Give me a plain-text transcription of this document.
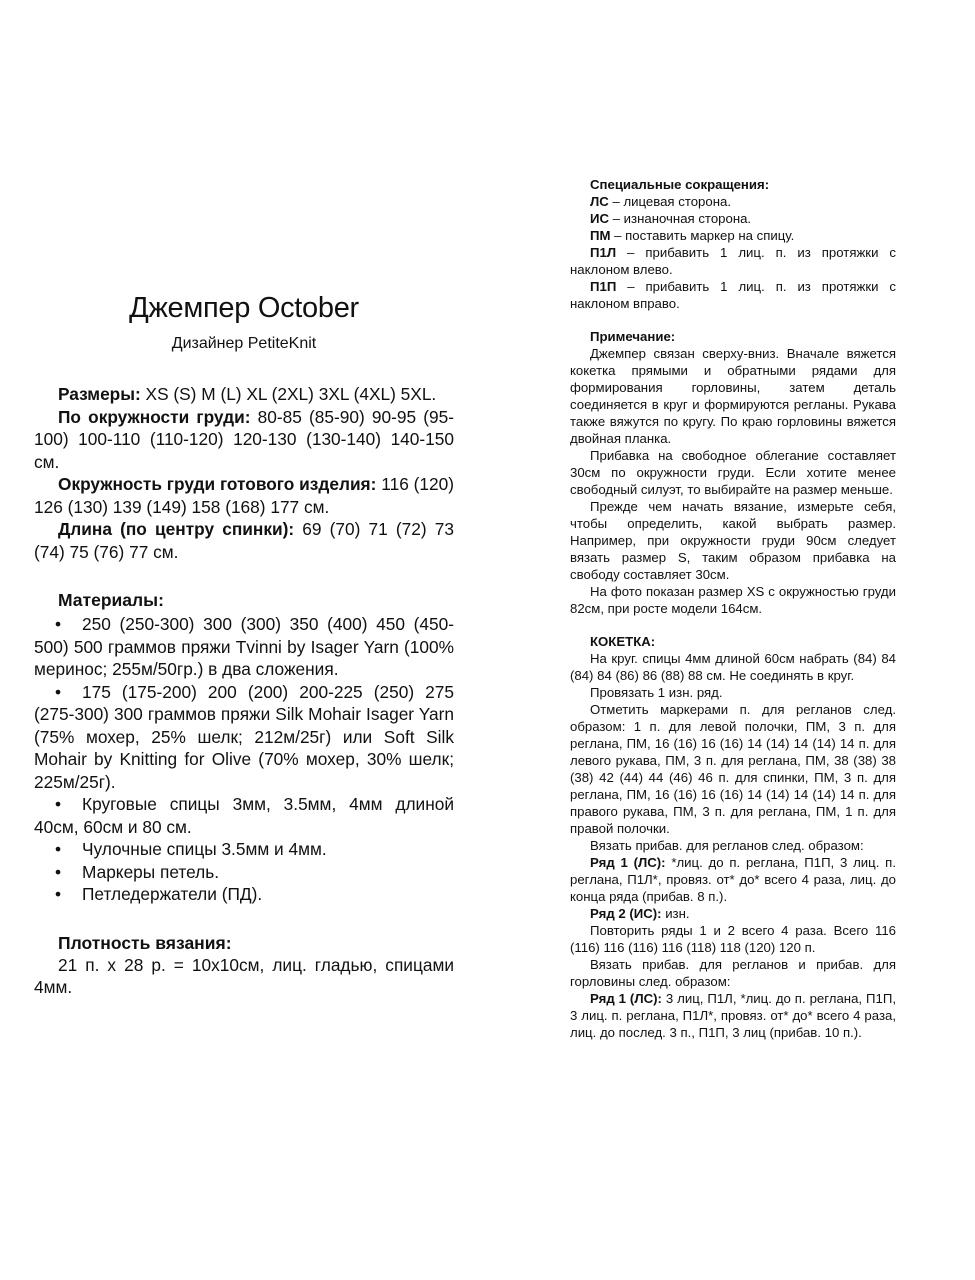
Джемпер October
Дизайнер PetiteKnit

Размеры: XS (S) M (L) XL (2XL) 3XL (4XL) 5XL.

По окружности груди: 80-85 (85-90) 90-95 (95-100) 100-110 (110-120) 120-130 (130-140) 140-150 см.

Окружность груди готового изделия: 116 (120) 126 (130) 139 (149) 158 (168) 177 см.

Длина (по центру спинки): 69 (70) 71 (72) 73 (74) 75 (76) 77 см.

Материалы:

• 250 (250-300) 300 (300) 350 (400) 450 (450-500) 500 граммов пряжи Tvinni by Isager Yarn (100% меринос; 255м/50гр.) в два сложения.
• 175 (175-200) 200 (200) 200-225 (250) 275 (275-300) 300 граммов пряжи Silk Mohair Isager Yarn (75% мохер, 25% шелк; 212м/25г) или Soft Silk Mohair by Knitting for Olive (70% мохер, 30% шелк; 225м/25г).
• Круговые спицы 3мм, 3.5мм, 4мм длиной 40см, 60см и 80 см.
• Чулочные спицы 3.5мм и 4мм.
• Маркеры петель.
• Петледержатели (ПД).

Плотность вязания:

21 п. х 28 р. = 10х10см, лиц. гладью, спицами 4мм.

Специальные сокращения:

ЛС – лицевая сторона.

ИС – изнаночная сторона.

ПМ – поставить маркер на спицу.

П1Л – прибавить 1 лиц. п. из протяжки с наклоном влево.

П1П – прибавить 1 лиц. п. из протяжки с наклоном вправо.

Примечание:

Джемпер связан сверху-вниз. Вначале вяжется кокетка прямыми и обратными рядами для формирования горловины, затем деталь соединяется в круг и формируются регланы. Рукава также вяжутся по кругу. По краю горловины вяжется двойная планка.

Прибавка на свободное облегание составляет 30см по окружности груди. Если хотите менее свободный силуэт, то выбирайте на размер меньше.

Прежде чем начать вязание, измерьте себя, чтобы определить, какой выбрать размер. Например, при окружности груди 90см следует вязать размер S, таким образом прибавка на свободу составляет 30см.

На фото показан размер XS с окружностью груди 82см, при росте модели 164см.

КОКЕТКА:

На круг. спицы 4мм длиной 60см набрать (84) 84 (84) 84 (86) 86 (88) 88 см. Не соединять в круг.

Провязать 1 изн. ряд.

Отметить маркерами п. для регланов след. образом: 1 п. для левой полочки, ПМ, 3 п. для реглана, ПМ, 16 (16) 16 (16) 14 (14) 14 (14) 14 п. для левого рукава, ПМ, 3 п. для реглана, ПМ, 38 (38) 38 (38) 42 (44) 44 (46) 46 п. для спинки, ПМ, 3 п. для реглана, ПМ, 16 (16) 16 (16) 14 (14) 14 (14) 14 п. для правого рукава, ПМ, 3 п. для реглана, ПМ, 1 п. для правой полочки.

Вязать прибав. для регланов след. образом:

Ряд 1 (ЛС): *лиц. до п. реглана, П1П, 3 лиц. п. реглана, П1Л*, провяз. от* до* всего 4 раза, лиц. до конца ряда (прибав. 8 п.).

Ряд 2 (ИС): изн.

Повторить ряды 1 и 2 всего 4 раза. Всего 116 (116) 116 (116) 116 (118) 118 (120) 120 п.

Вязать прибав. для регланов и прибав. для горловины след. образом:

Ряд 1 (ЛС): 3 лиц, П1Л, *лиц. до п. реглана, П1П, 3 лиц. п. реглана, П1Л*, провяз. от* до* всего 4 раза, лиц. до послед. 3 п., П1П, 3 лиц (прибав. 10 п.).
